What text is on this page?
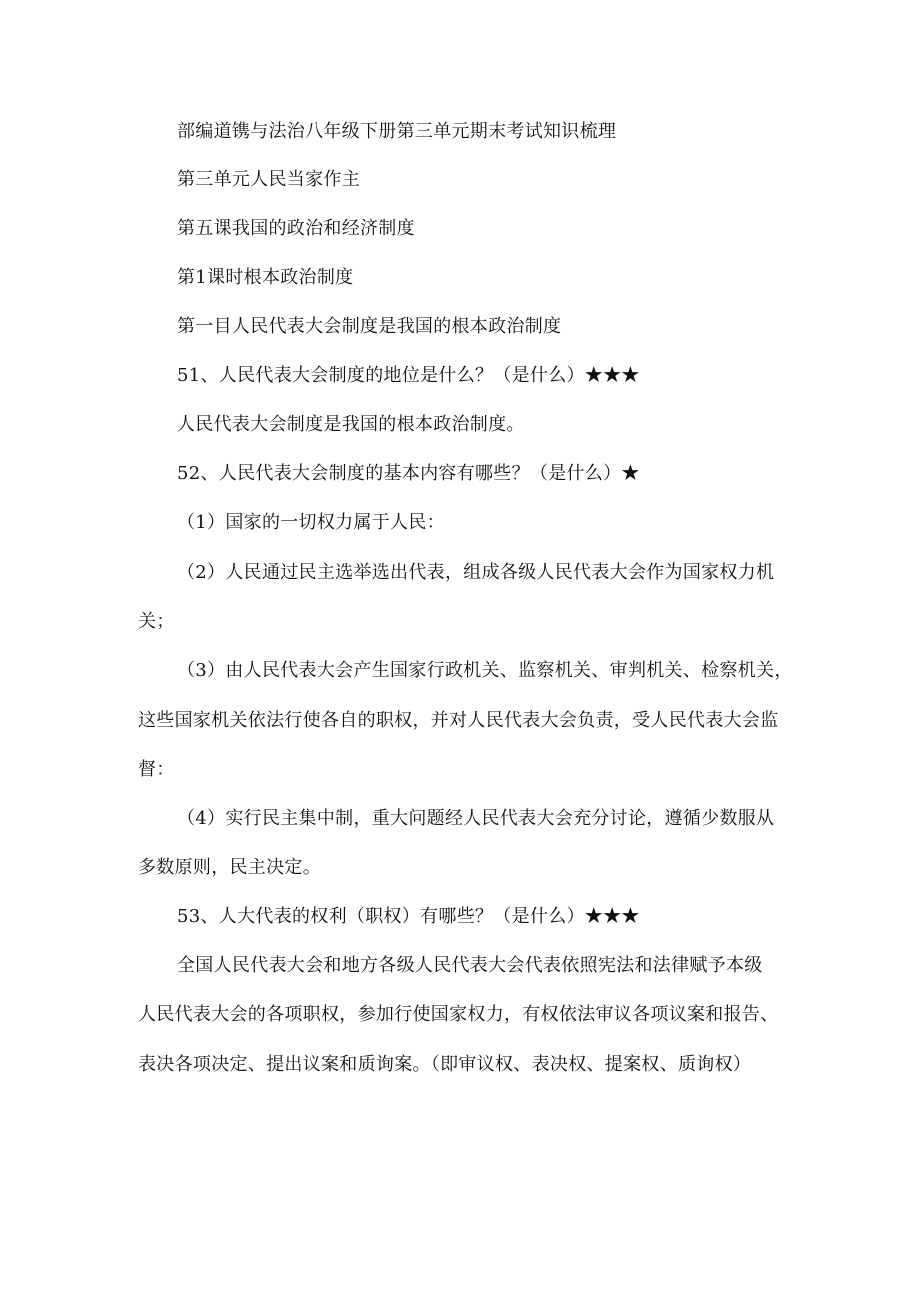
部编道镌与法治八年级下册第三单元期末考试知识梳理
第三单元人民当家作主
第五课我国的政治和经济制度
第1课时根本政治制度
第一目人民代表大会制度是我国的根本政治制度
51、人民代表大会制度的地位是什么？（是什么）★★★
人民代表大会制度是我国的根本政治制度。
52、人民代表大会制度的基本内容有哪些？（是什么）★
（1）国家的一切权力属于人民：
（2）人民通过民主选举选出代表，组成各级人民代表大会作为国家权力机
关；
（3）由人民代表大会产生国家行政机关、监察机关、审判机关、检察机关，
这些国家机关依法行使各自的职权，并对人民代表大会负责，受人民代表大会监
督：
（4）实行民主集中制，重大问题经人民代表大会充分讨论，遵循少数服从
多数原则，民主决定。
53、人大代表的权利（职权）有哪些？（是什么）★★★
全国人民代表大会和地方各级人民代表大会代表依照宪法和法律赋予本级
人民代表大会的各项职权，参加行使国家权力，有权依法审议各项议案和报告、
表决各项决定、提出议案和质询案。（即审议权、表决权、提案权、质询权）
